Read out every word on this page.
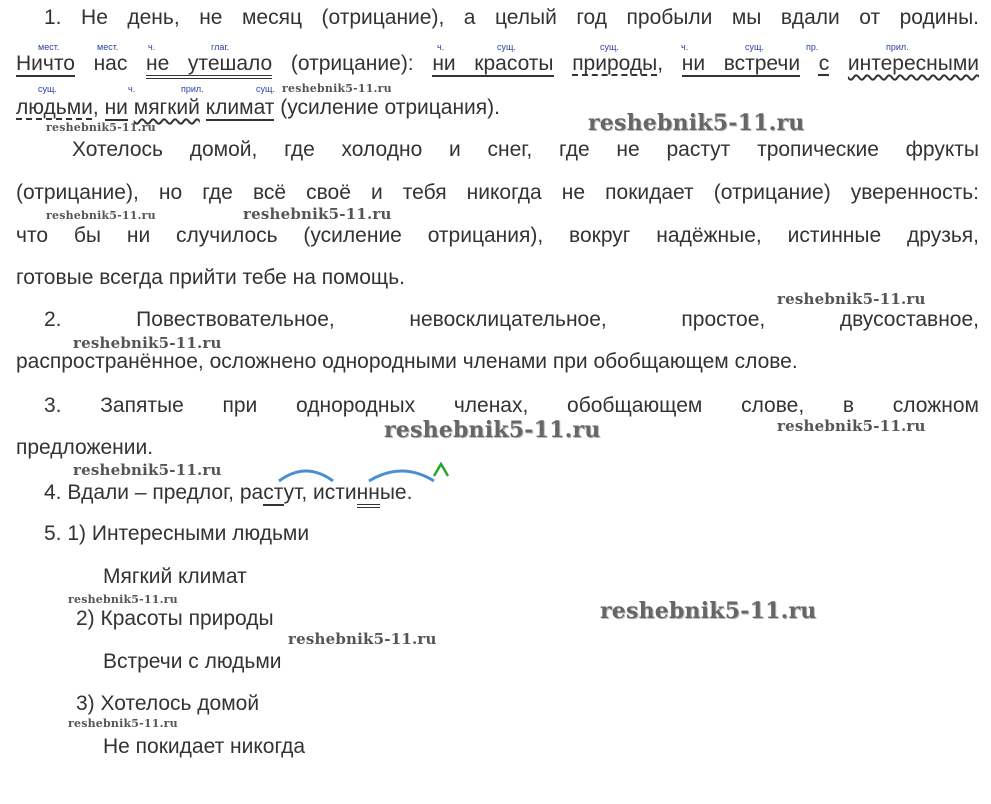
1. Не день, не месяц (отрицание), а целый год пробыли мы вдали от родины.
мест.	мест.	ч.	глаг.	ч.	сущ.	сущ.	ч.	сущ.	пр.	прил.
Ничто нас не утешало (отрицание): ни красоты природы, ни встречи с интересными
сущ.	ч.	прил.	сущ. reshebnik5-11.ru
людьми, ни мягкий климат (усиление отрицания).
reshebnik5-11.ru	reshebnik5-11.ru
Хотелось домой, где холодно и снег, где не растут тропические фрукты
(отрицание), но где всё своё и тебя никогда не покидает (отрицание) уверенность:
reshebnik5-11.ru	reshebnik5-11.ru
что бы ни случилось (усиление отрицания), вокруг надёжные, истинные друзья,
готовые всегда прийти тебе на помощь.
reshebnik5-11.ru
2.	Повествовательное,	невосклицательное,	простое,	двусоставное,
reshebnik5-11.ru
распространённое, осложнено однородными членами при обобщающем слове.
3. Запятые при однородных членах, обобщающем слове, в сложном
reshebnik5-11.ru	reshebnik5-11.ru
предложении.
reshebnik5-11.ru
4. Вдали – предлог, растут, истинные.
5. 1) Интересными людьми
Мягкий климат
reshebnik5-11.ru	reshebnik5-11.ru
2) Красоты природы
reshebnik5-11.ru
Встречи с людьми
3) Хотелось домой
reshebnik5-11.ru
Не покидает никогда
